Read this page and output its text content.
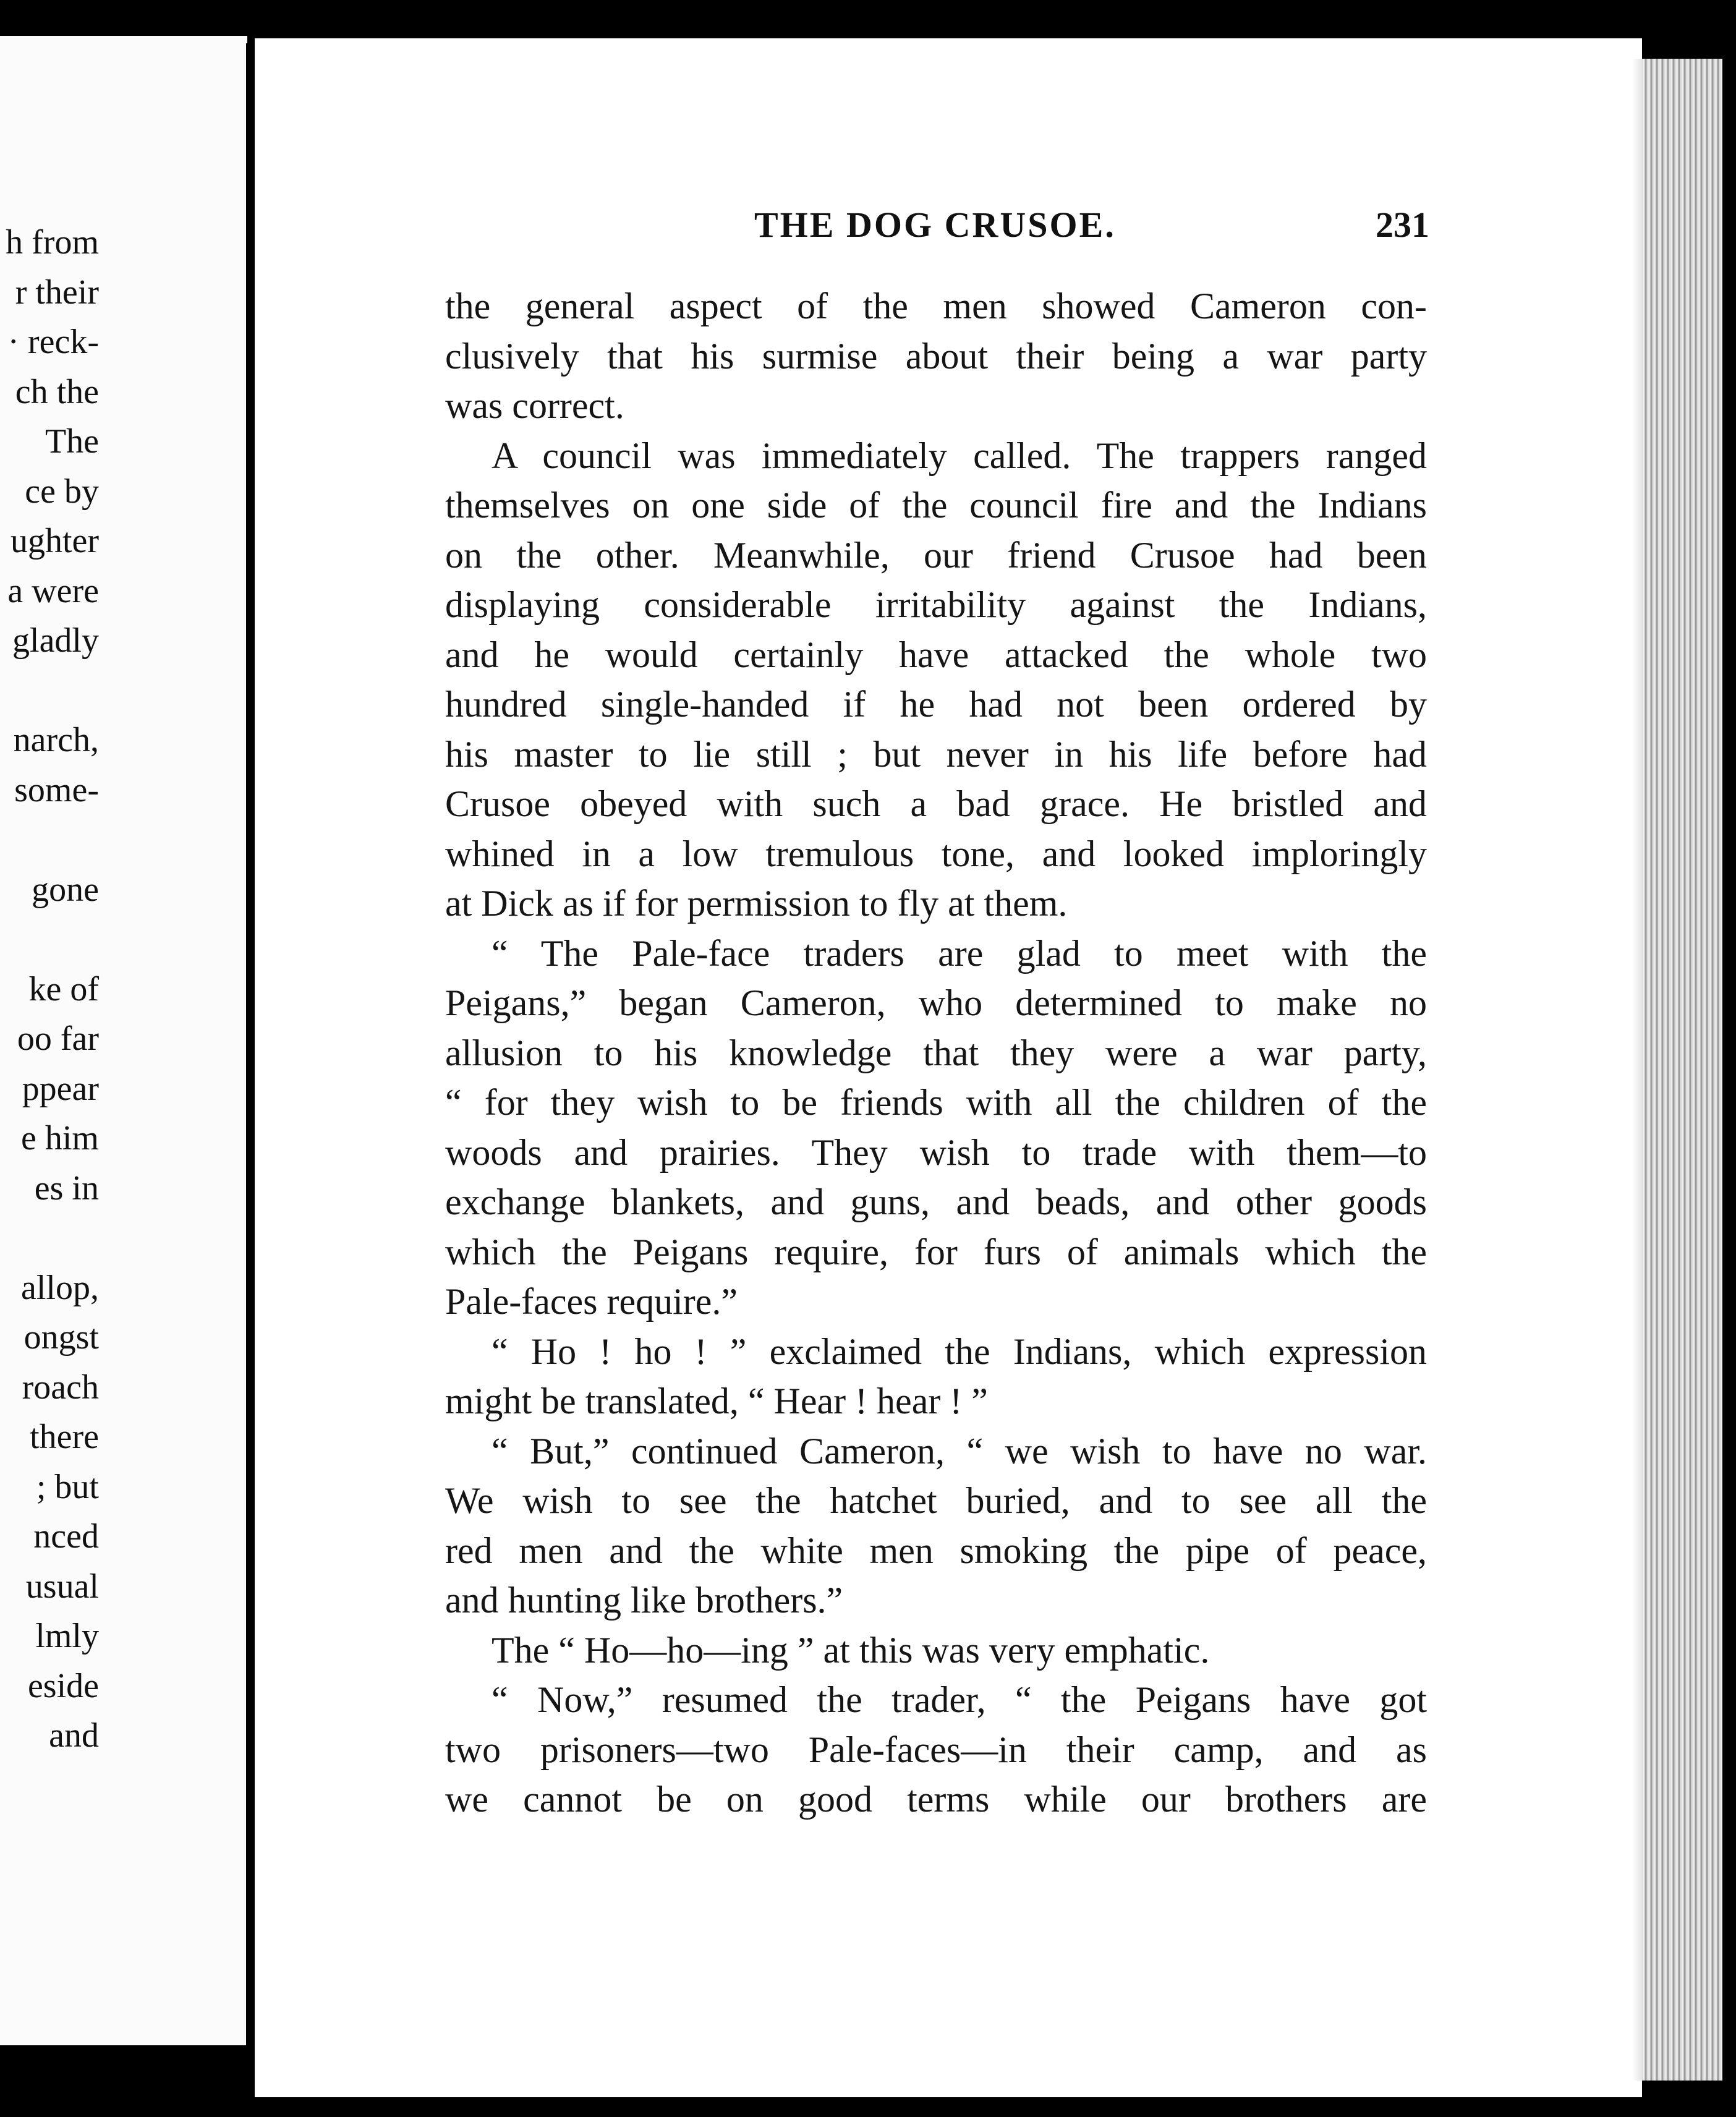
h from
r their
· reck-
ch the
The
ce by
ughter
a were
gladly
narch,
some-
gone
ke of
oo far
ppear
e him
es in
allop,
ongst
roach
there
; but
nced
usual
lmly
eside
and
THE DOG CRUSOE.	231
the general aspect of the men showed Cameron con-
clusively that his surmise about their being a war party
was correct.
A council was immediately called. The trappers ranged
themselves on one side of the council fire and the Indians
on the other. Meanwhile, our friend Crusoe had been
displaying considerable irritability against the Indians,
and he would certainly have attacked the whole two
hundred single-handed if he had not been ordered by
his master to lie still ; but never in his life before had
Crusoe obeyed with such a bad grace. He bristled and
whined in a low tremulous tone, and looked imploringly
at Dick as if for permission to fly at them.
“ The Pale-face traders are glad to meet with the
Peigans,” began Cameron, who determined to make no
allusion to his knowledge that they were a war party,
“ for they wish to be friends with all the children of the
woods and prairies. They wish to trade with them—to
exchange blankets, and guns, and beads, and other goods
which the Peigans require, for furs of animals which the
Pale-faces require.”
“ Ho ! ho ! ” exclaimed the Indians, which expression
might be translated, “ Hear ! hear ! ”
“ But,” continued Cameron, “ we wish to have no war.
We wish to see the hatchet buried, and to see all the
red men and the white men smoking the pipe of peace,
and hunting like brothers.”
The “ Ho—ho—ing ” at this was very emphatic.
“ Now,” resumed the trader, “ the Peigans have got
two prisoners—two Pale-faces—in their camp, and as
we cannot be on good terms while our brothers are
